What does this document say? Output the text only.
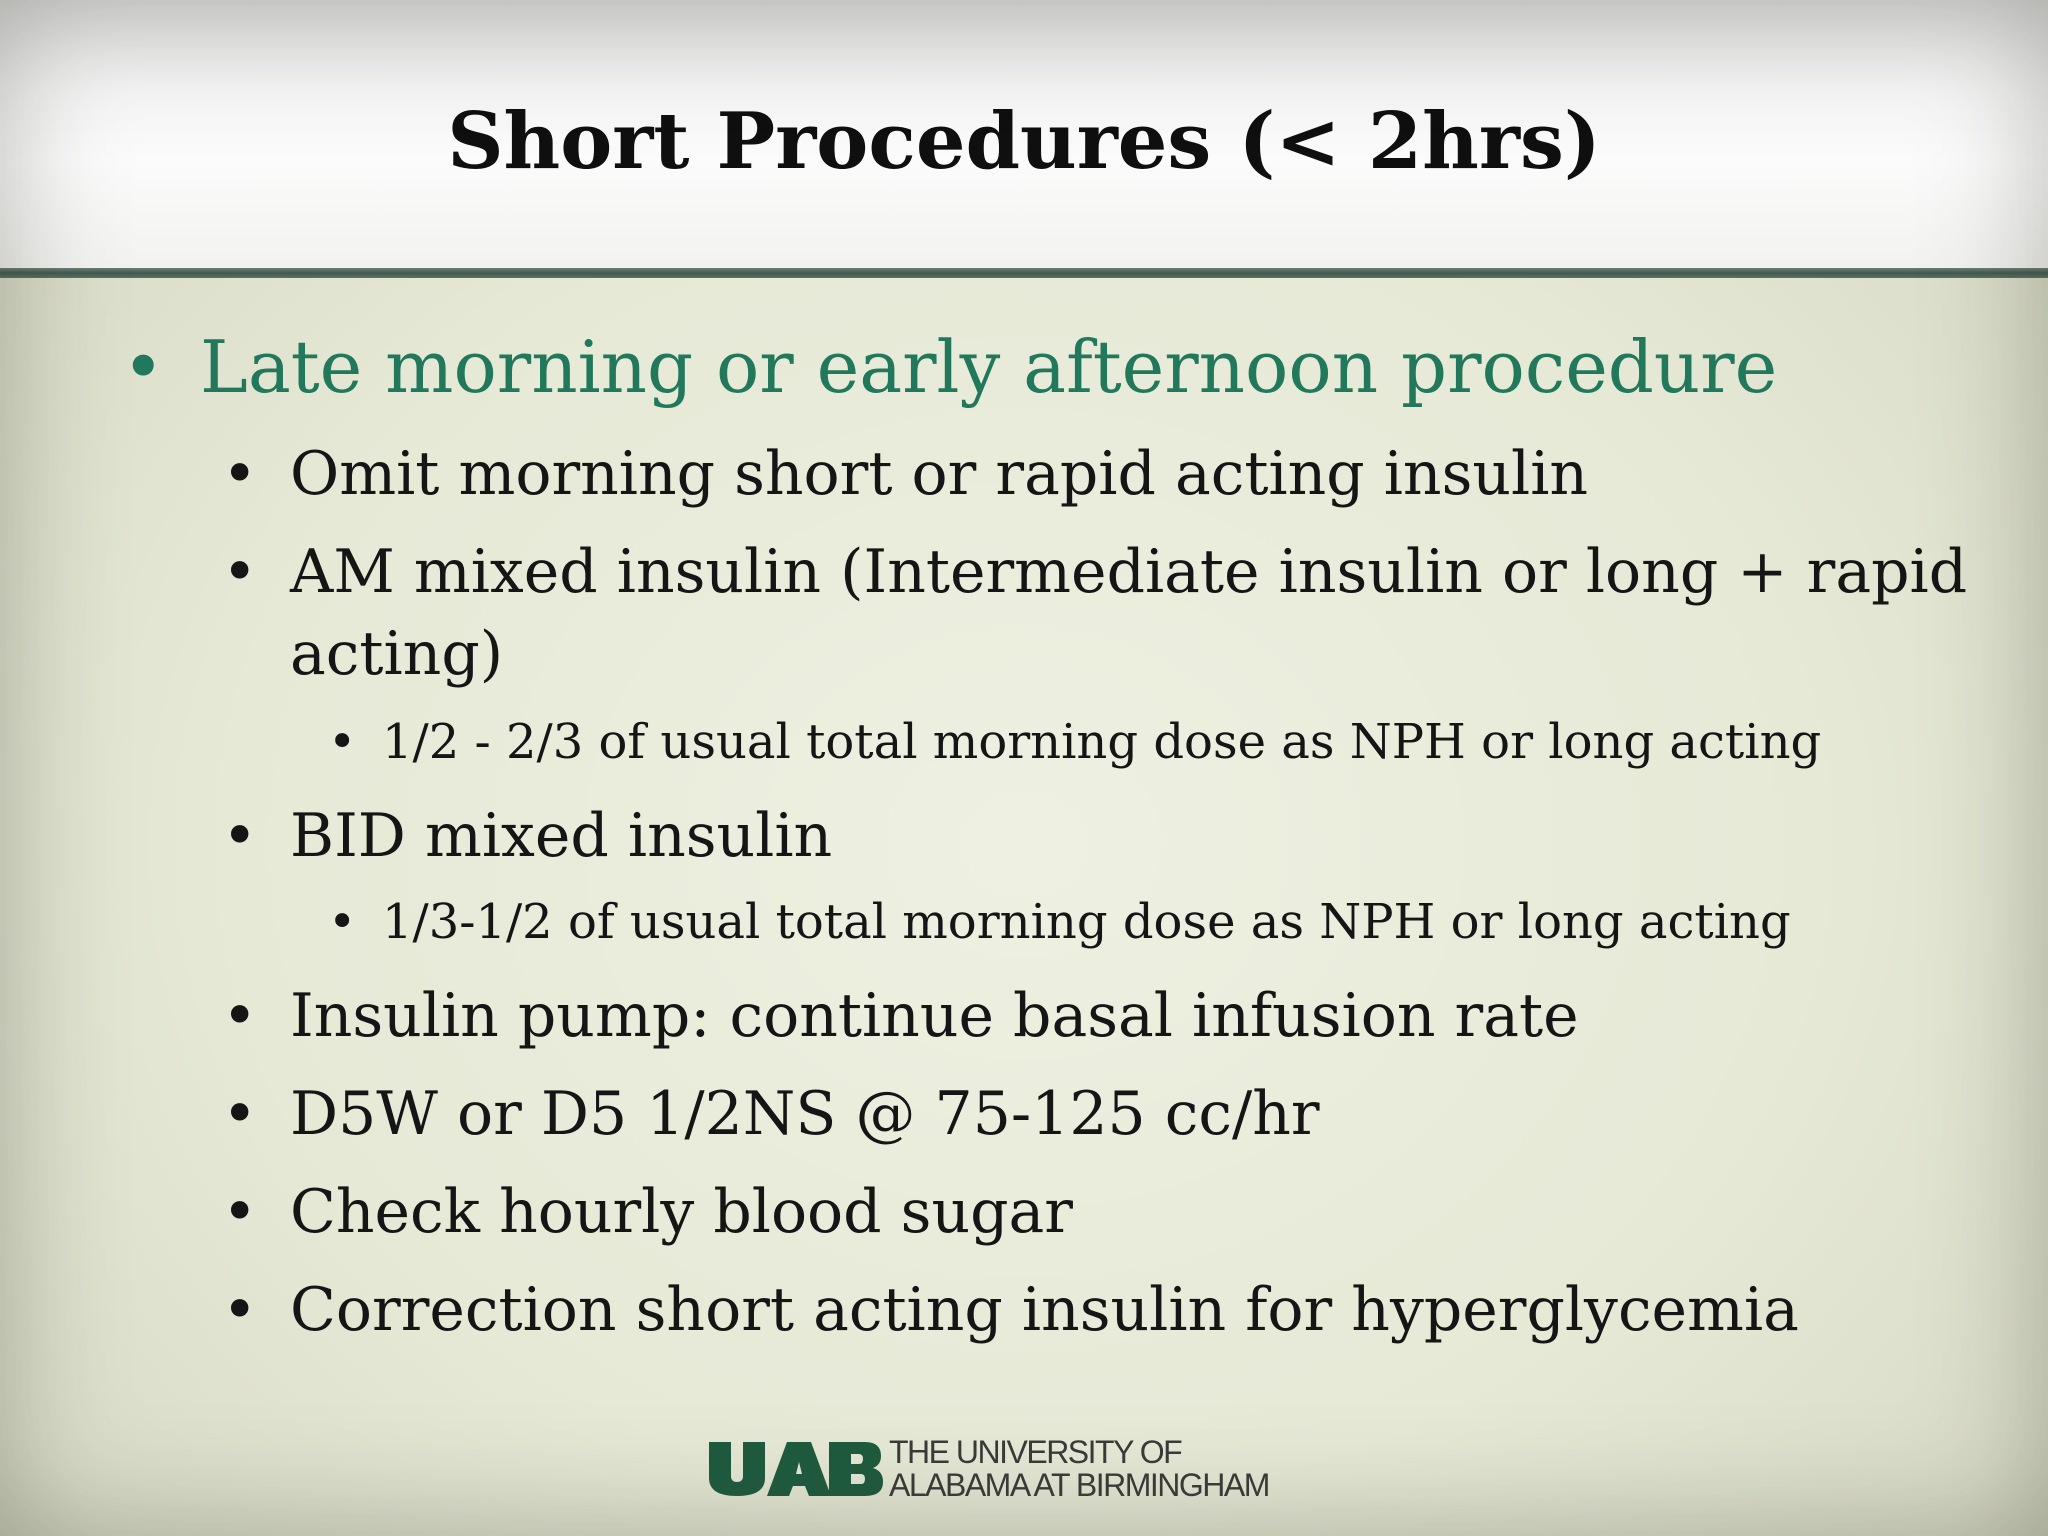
Short Procedures (< 2hrs)
• Late morning or early afternoon procedure
• Omit morning short or rapid acting insulin
• AM mixed insulin (Intermediate insulin or long + rapid
acting)
• 1/2 - 2/3 of usual total morning dose as NPH or long acting
• BID mixed insulin
• 1/3-1/2 of usual total morning dose as NPH or long acting
• Insulin pump: continue basal infusion rate
• D5W or D5 1/2NS @ 75-125 cc/hr
• Check hourly blood sugar
• Correction short acting insulin for hyperglycemia
THE UNIVERSITY OF
ALABAMA AT BIRMINGHAM
